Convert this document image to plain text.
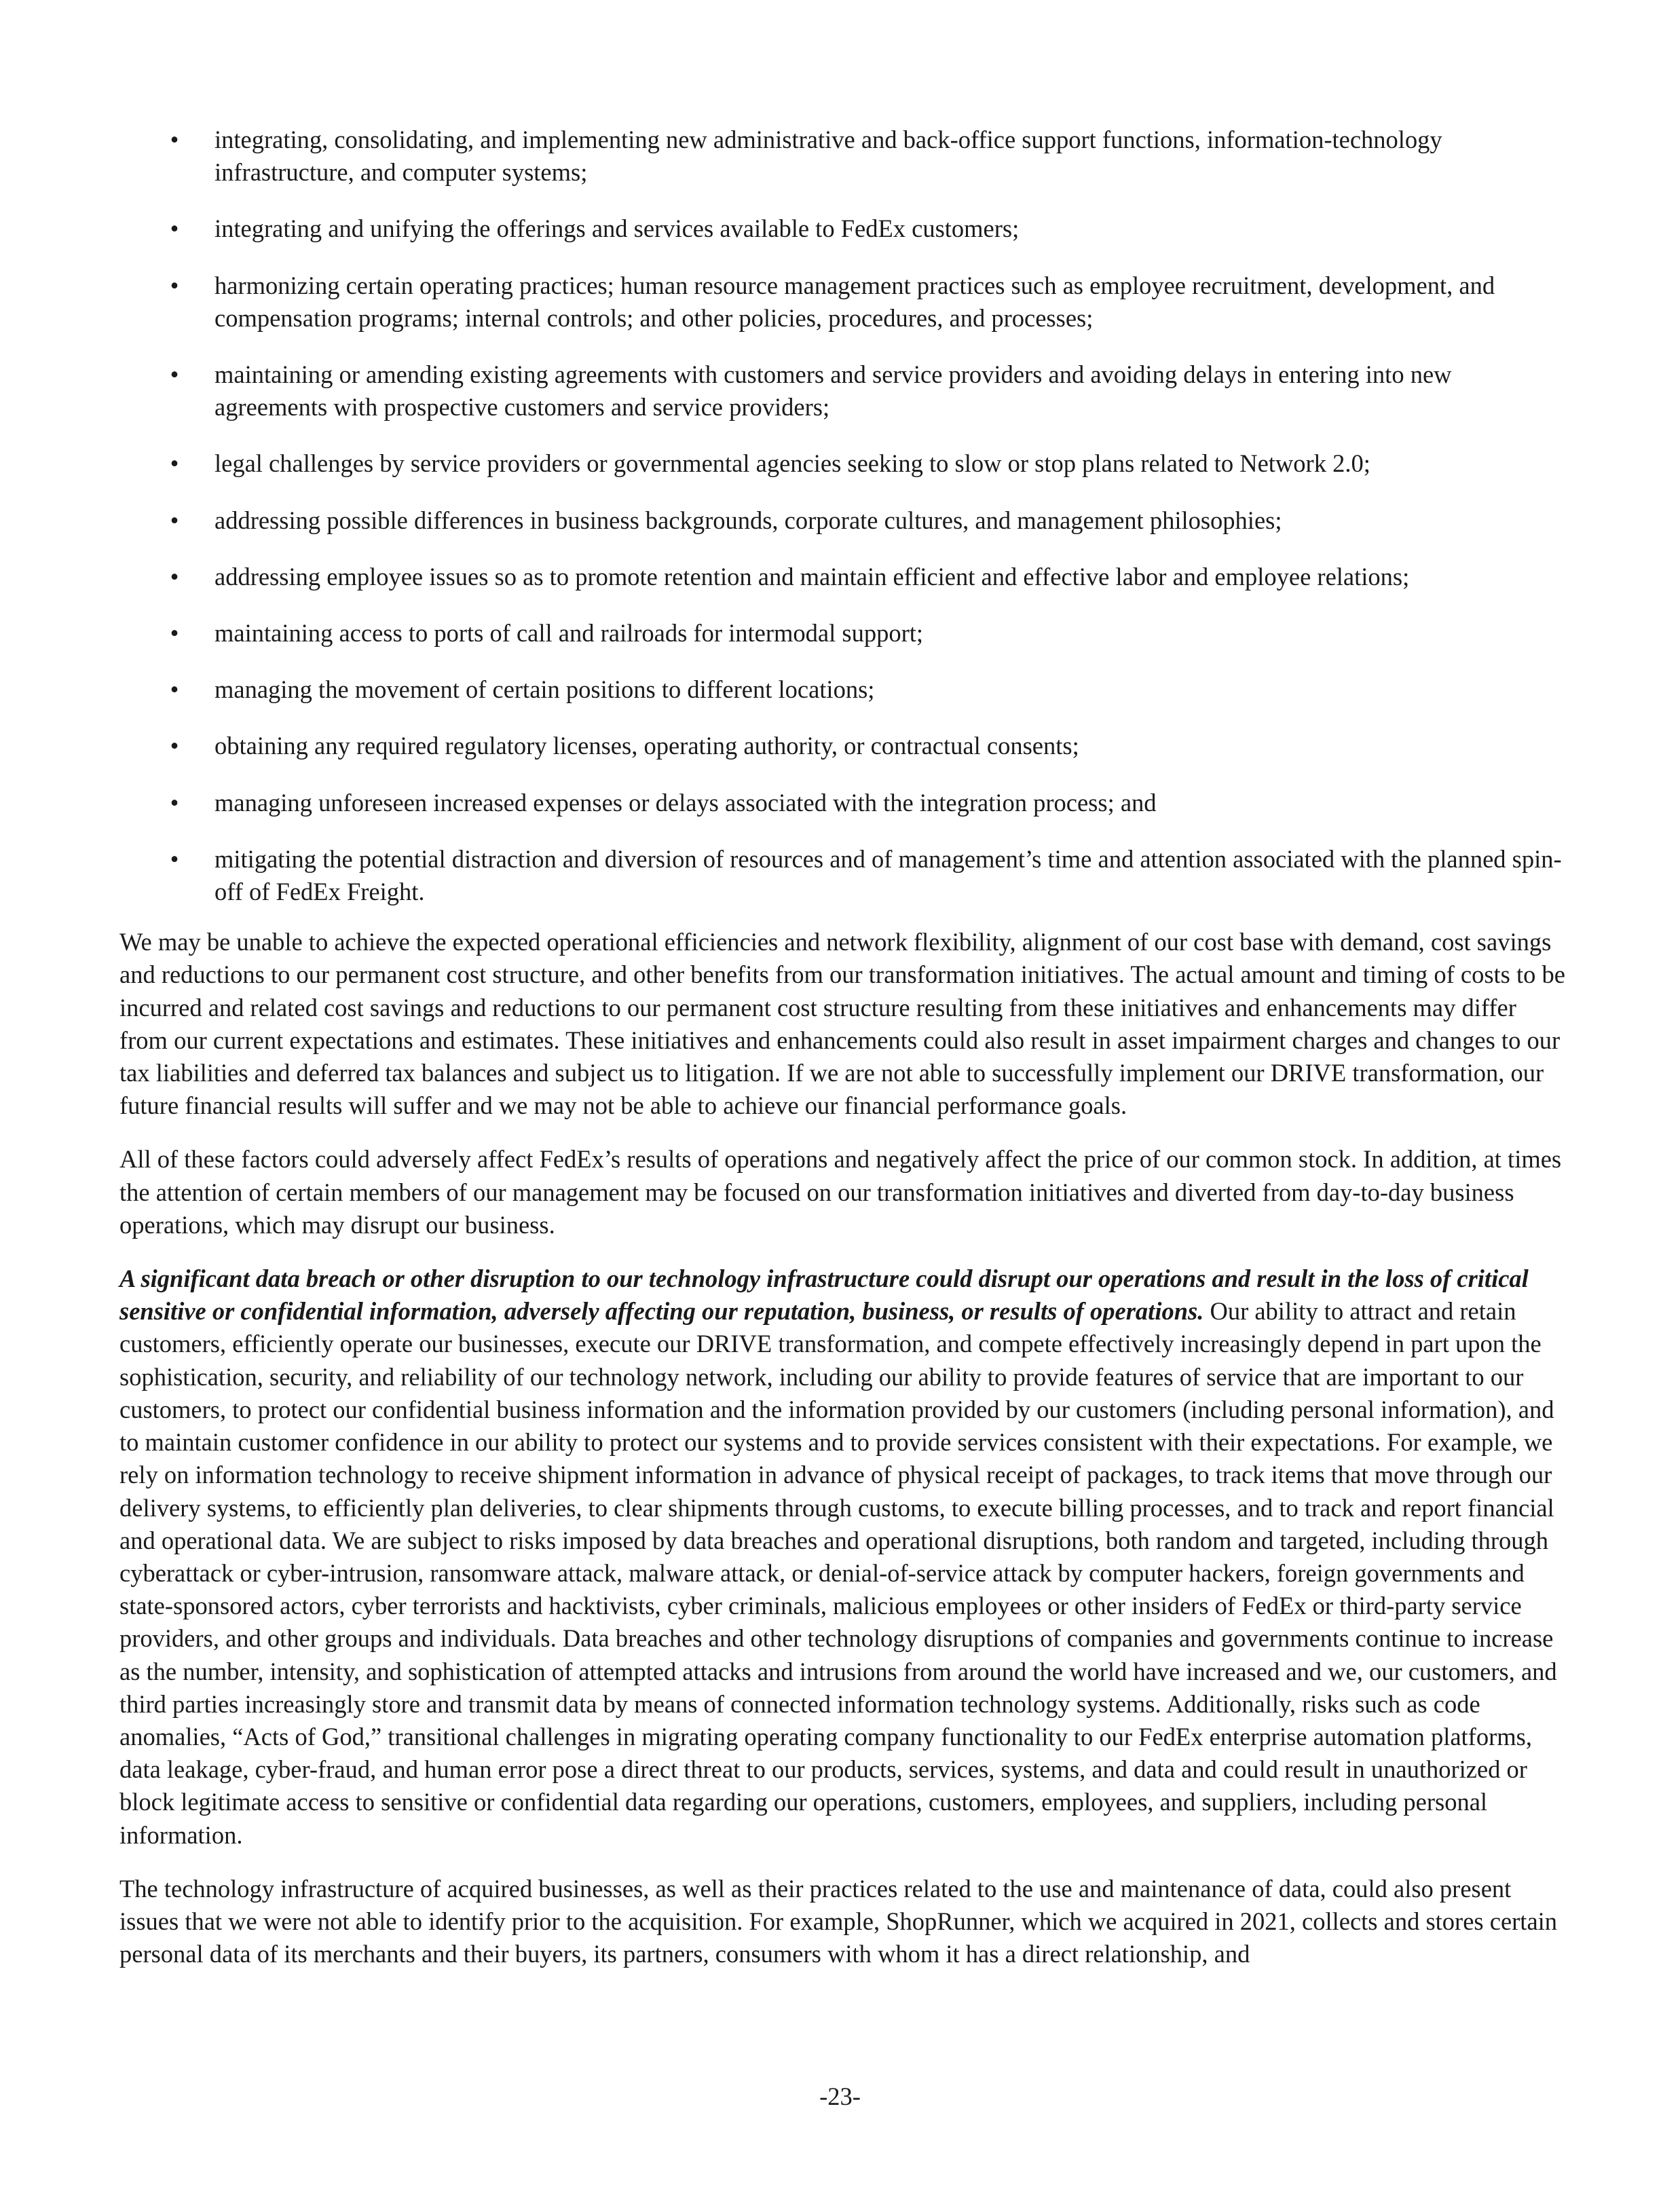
• integrating, consolidating, and implementing new administrative and back-office support functions, information-technology infrastructure, and computer systems;
• integrating and unifying the offerings and services available to FedEx customers;
• harmonizing certain operating practices; human resource management practices such as employee recruitment, development, and compensation programs; internal controls; and other policies, procedures, and processes;
• maintaining or amending existing agreements with customers and service providers and avoiding delays in entering into new agreements with prospective customers and service providers;
• legal challenges by service providers or governmental agencies seeking to slow or stop plans related to Network 2.0;
• addressing possible differences in business backgrounds, corporate cultures, and management philosophies;
• addressing employee issues so as to promote retention and maintain efficient and effective labor and employee relations;
• maintaining access to ports of call and railroads for intermodal support;
• managing the movement of certain positions to different locations;
• obtaining any required regulatory licenses, operating authority, or contractual consents;
• managing unforeseen increased expenses or delays associated with the integration process; and
• mitigating the potential distraction and diversion of resources and of management’s time and attention associated with the planned spin-off of FedEx Freight.

We may be unable to achieve the expected operational efficiencies and network flexibility, alignment of our cost base with demand, cost savings and reductions to our permanent cost structure, and other benefits from our transformation initiatives. The actual amount and timing of costs to be incurred and related cost savings and reductions to our permanent cost structure resulting from these initiatives and enhancements may differ from our current expectations and estimates. These initiatives and enhancements could also result in asset impairment charges and changes to our tax liabilities and deferred tax balances and subject us to litigation. If we are not able to successfully implement our DRIVE transformation, our future financial results will suffer and we may not be able to achieve our financial performance goals.

All of these factors could adversely affect FedEx’s results of operations and negatively affect the price of our common stock. In addition, at times the attention of certain members of our management may be focused on our transformation initiatives and diverted from day-to-day business operations, which may disrupt our business.

A significant data breach or other disruption to our technology infrastructure could disrupt our operations and result in the loss of critical sensitive or confidential information, adversely affecting our reputation, business, or results of operations. Our ability to attract and retain customers, efficiently operate our businesses, execute our DRIVE transformation, and compete effectively increasingly depend in part upon the sophistication, security, and reliability of our technology network, including our ability to provide features of service that are important to our customers, to protect our confidential business information and the information provided by our customers (including personal information), and to maintain customer confidence in our ability to protect our systems and to provide services consistent with their expectations. For example, we rely on information technology to receive shipment information in advance of physical receipt of packages, to track items that move through our delivery systems, to efficiently plan deliveries, to clear shipments through customs, to execute billing processes, and to track and report financial and operational data. We are subject to risks imposed by data breaches and operational disruptions, both random and targeted, including through cyberattack or cyber-intrusion, ransomware attack, malware attack, or denial-of-service attack by computer hackers, foreign governments and state-sponsored actors, cyber terrorists and hacktivists, cyber criminals, malicious employees or other insiders of FedEx or third-party service providers, and other groups and individuals. Data breaches and other technology disruptions of companies and governments continue to increase as the number, intensity, and sophistication of attempted attacks and intrusions from around the world have increased and we, our customers, and third parties increasingly store and transmit data by means of connected information technology systems. Additionally, risks such as code anomalies, “Acts of God,” transitional challenges in migrating operating company functionality to our FedEx enterprise automation platforms, data leakage, cyber-fraud, and human error pose a direct threat to our products, services, systems, and data and could result in unauthorized or block legitimate access to sensitive or confidential data regarding our operations, customers, employees, and suppliers, including personal information.

The technology infrastructure of acquired businesses, as well as their practices related to the use and maintenance of data, could also present issues that we were not able to identify prior to the acquisition. For example, ShopRunner, which we acquired in 2021, collects and stores certain personal data of its merchants and their buyers, its partners, consumers with whom it has a direct relationship, and

-23-
